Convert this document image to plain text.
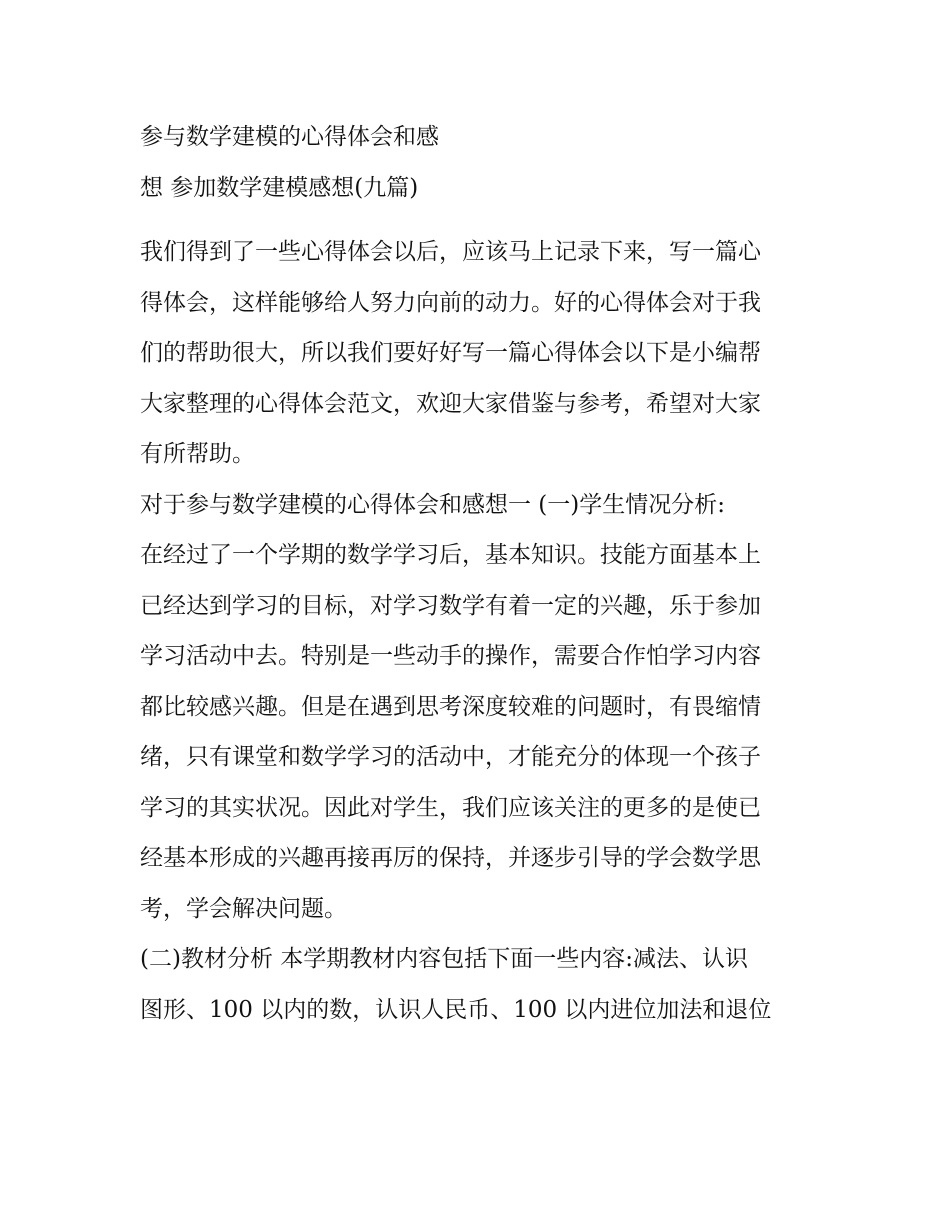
参与数学建模的心得体会和感
想 参加数学建模感想(九篇)
我们得到了一些心得体会以后，应该马上记录下来，写一篇心
得体会，这样能够给人努力向前的动力。好的心得体会对于我
们的帮助很大，所以我们要好好写一篇心得体会以下是小编帮
大家整理的心得体会范文，欢迎大家借鉴与参考，希望对大家
有所帮助。
对于参与数学建模的心得体会和感想一 (一)学生情况分析:
在经过了一个学期的数学学习后，基本知识。技能方面基本上
已经达到学习的目标，对学习数学有着一定的兴趣，乐于参加
学习活动中去。特别是一些动手的操作，需要合作怕学习内容
都比较感兴趣。但是在遇到思考深度较难的问题时，有畏缩情
绪，只有课堂和数学学习的活动中，才能充分的体现一个孩子
学习的其实状况。因此对学生，我们应该关注的更多的是使已
经基本形成的兴趣再接再厉的保持，并逐步引导的学会数学思
考，学会解决问题。
(二)教材分析 本学期教材内容包括下面一些内容:减法、认识
图形、100 以内的数，认识人民币、100 以内进位加法和退位
